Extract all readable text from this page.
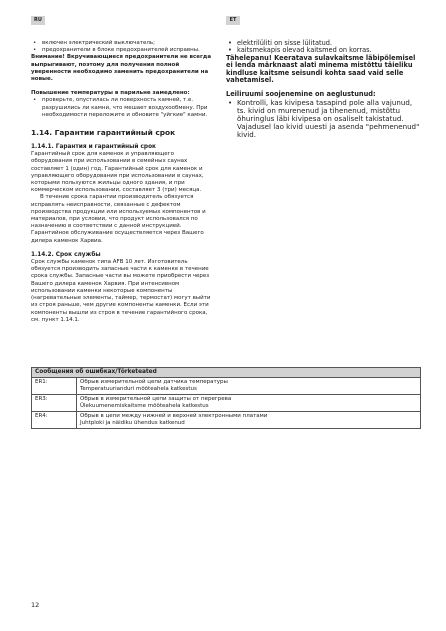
RU	ET
• включен электрический выключатель;
• предохранители в блоке предохранителей исправны.

Внимание! Вкручивающиеся предохранители не всегда выпрыгивают, поэтому для получения полной уверенности необходимо заменить предохранители на новые.

Повышение температуры в парильне замедлено:

• проверьте, опустилась ли поверхность камней, т.е. разрушились ли камни, что мешает воздухообмену. При необходимости переложите и обновите "уйгкие" камни.
1.14. Гарантии гарантийный срок

1.14.1. Гарантия и гарантийный срок

Гарантийный срок для каменок и управляющего оборудования при использовании в семейных саунах составляет 1 (один) год. Гарантийный срок для каменок и управляющего оборудования при использовании в саунах, которыми пользуются жильцы одного здания, и при коммерческом использовании, составляет 3 (три) месяца.

В течение срока гарантии производитель обязуется исправлять неисправности, связанные с дефектом производства продукции или используемых компонентов и материалов, при условии, что продукт использовался по назначению в соответствии с данной инструкцией. Гарантийное обслуживание осуществляется через Вашего дилера каменок Харвиа.

1.14.2. Срок службы

Срок службы каменок типа AFB 10 лет. Изготовитель обязуется производить запасные части к каменке в течение срока службы. Запасные части вы можете приобрести через Вашего дилера каменок Харвия. При интенсивном использовании каменки некоторые компоненты (нагревательные элементы, таймер, термостат) могут выйти из строя раньше, чем другие компоненты каменки. Если эти компоненты вышли из строя в течение гарантийного срока, см. пункт 1.14.1.

• elektrilüliti on sisse lülitatud.
• kaitsmekapis olevad kaitsmed on korras.

Tähelepanu! Keeratava sulavkaitsme läbipõlemisel ei lenda märknaast alati minema mistõttu täieliku kindluse kaitsme seisundi kohta saad vaid selle vahetamisel.

Leiliruumi soojenemine on aeglustunud:

• Kontrolli, kas kivipesa tasapind pole alla vajunud, ts. kivid on murenenud ja tihenenud, mistõttu õhuringlus läbi kivipesa on osaliselt takistatud. Vajadusel lao kivid uuesti ja asenda "pehmenenud" kivid.
Сообщения об ошибках/Tõrketeated	
ER1:	Обрыв измерительной цепи датчика температуры
Temperatuurianduri mõõteahela katkestus

ER3:	Обрыв в измерительной цепи защиты от перегрева
Ülekuumenemiskaitsme mõõteahela katkestus

ER4:	Обрыв в цепи между нижней и верхней электронными платами
Juhtploki ja näidiku ühendus katkenud
12
